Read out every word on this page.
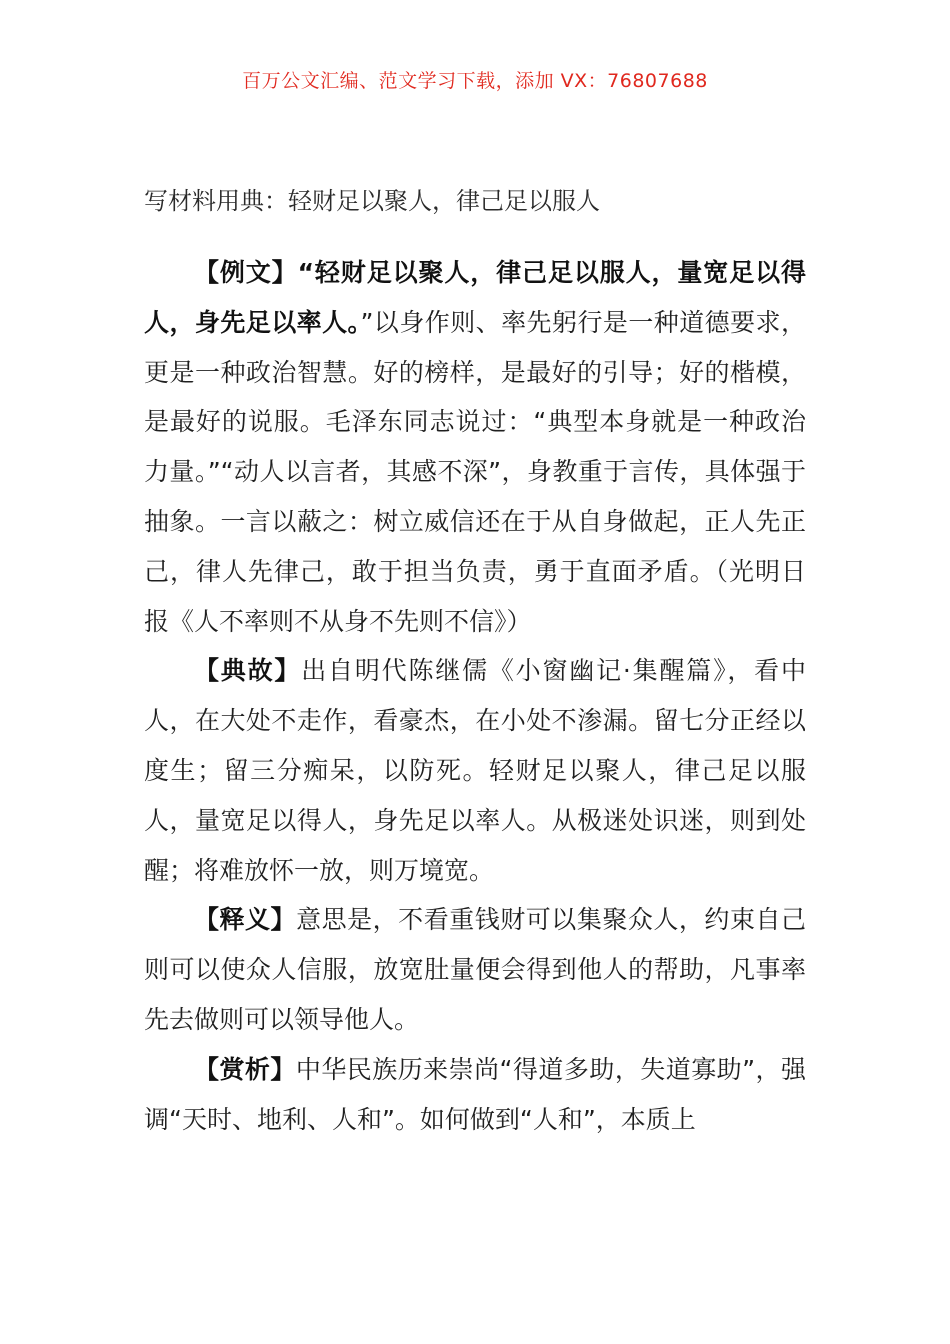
百万公文汇编、范文学习下载，添加 VX：76807688
写材料用典：轻财足以聚人，律己足以服人

【例文】“轻财足以聚人，律己足以服人，量宽足以得人，身先足以率人。”以身作则、率先躬行是一种道德要求，更是一种政治智慧。好的榜样，是最好的引导；好的楷模，是最好的说服。毛泽东同志说过：“典型本身就是一种政治力量。”“动人以言者，其感不深”，身教重于言传，具体强于抽象。一言以蔽之：树立威信还在于从自身做起，正人先正己，律人先律己，敢于担当负责，勇于直面矛盾。（光明日报《人不率则不从身不先则不信》）

【典故】出自明代陈继儒《小窗幽记·集醒篇》，看中人，在大处不走作，看豪杰，在小处不渗漏。留七分正经以度生；留三分痴呆，以防死。轻财足以聚人，律己足以服人，量宽足以得人，身先足以率人。从极迷处识迷，则到处醒；将难放怀一放，则万境宽。

【释义】意思是，不看重钱财可以集聚众人，约束自己则可以使众人信服，放宽肚量便会得到他人的帮助，凡事率先去做则可以领导他人。

【赏析】中华民族历来崇尚“得道多助，失道寡助”，强调“天时、地利、人和”。如何做到“人和”，本质上
